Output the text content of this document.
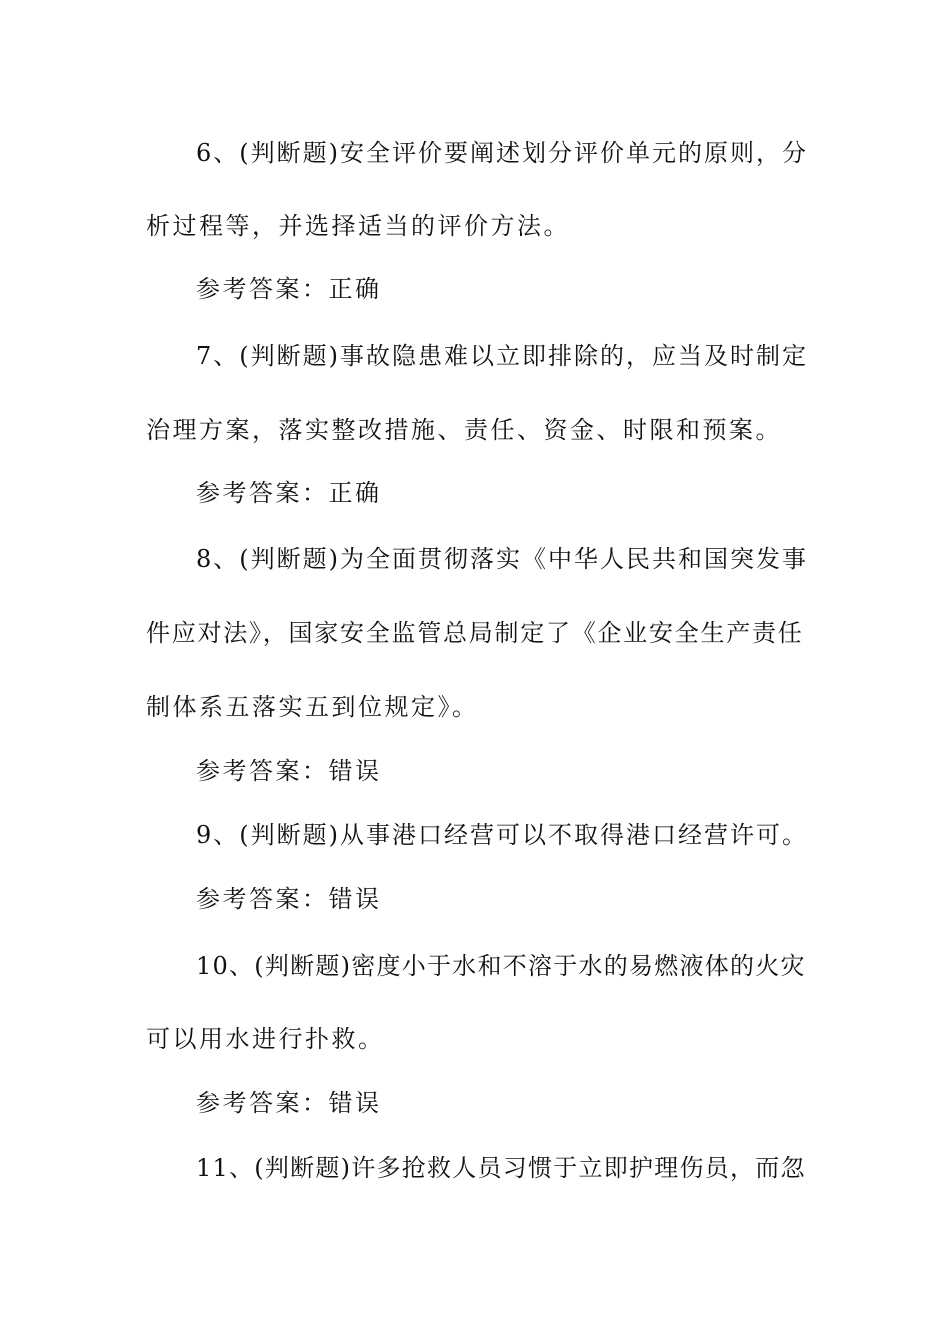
6、(判断题)安全评价要阐述划分评价单元的原则，分
析过程等，并选择适当的评价方法。
参考答案：正确
7、(判断题)事故隐患难以立即排除的，应当及时制定
治理方案，落实整改措施、责任、资金、时限和预案。
参考答案：正确
8、(判断题)为全面贯彻落实《中华人民共和国突发事
件应对法》，国家安全监管总局制定了《企业安全生产责任
制体系五落实五到位规定》。
参考答案：错误
9、(判断题)从事港口经营可以不取得港口经营许可。
参考答案：错误
10、(判断题)密度小于水和不溶于水的易燃液体的火灾
可以用水进行扑救。
参考答案：错误
11、(判断题)许多抢救人员习惯于立即护理伤员，而忽
